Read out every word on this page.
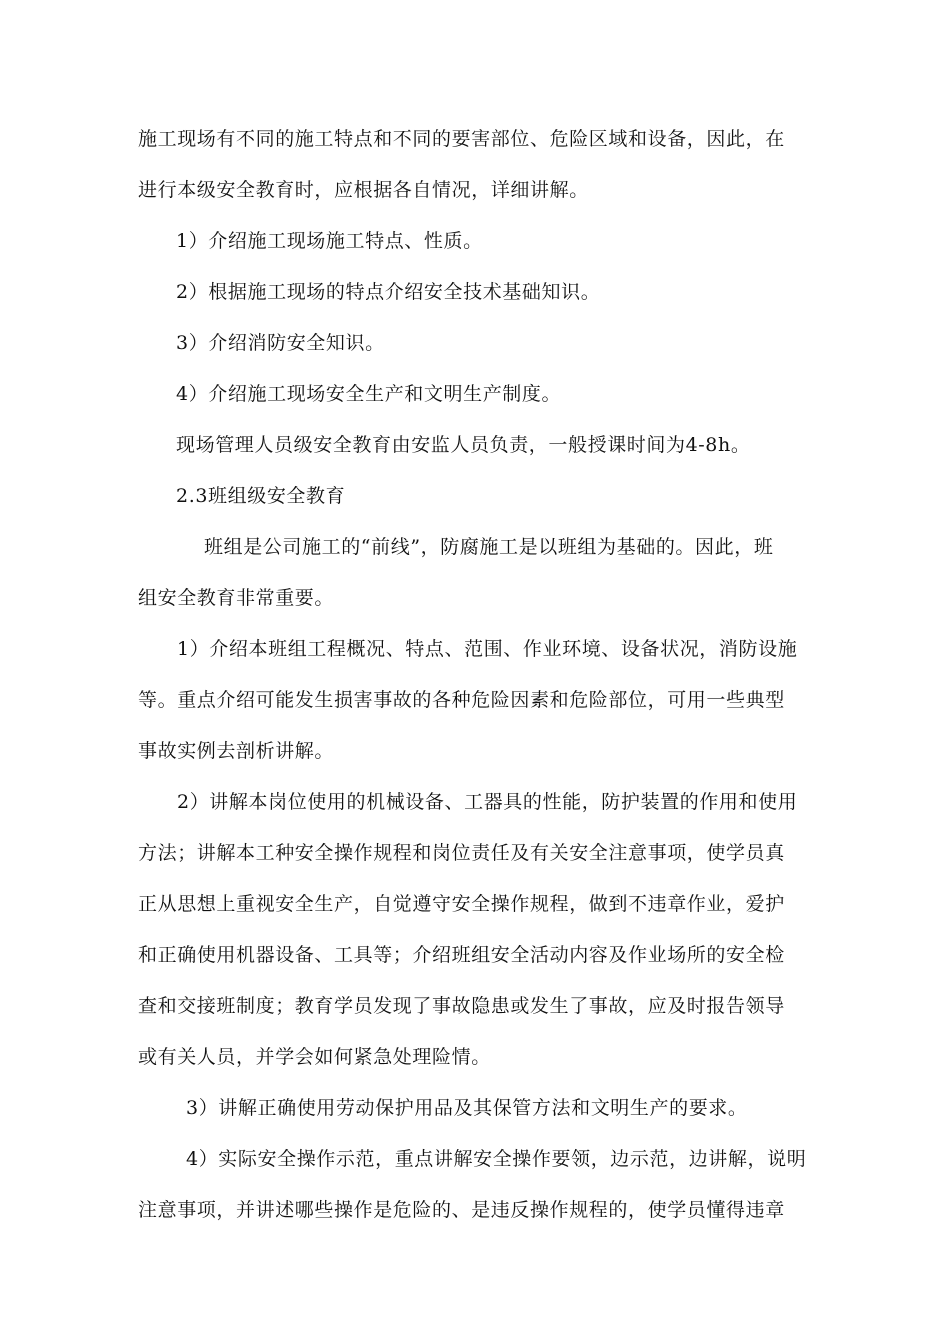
施工现场有不同的施工特点和不同的要害部位、危险区域和设备，因此，在
进行本级安全教育时，应根据各自情况，详细讲解。

1）介绍施工现场施工特点、性质。

2）根据施工现场的特点介绍安全技术基础知识。

3）介绍消防安全知识。

4）介绍施工现场安全生产和文明生产制度。

现场管理人员级安全教育由安监人员负责，一般授课时间为4-8h。

2.3班组级安全教育

班组是公司施工的“前线”，防腐施工是以班组为基础的。因此，班
组安全教育非常重要。

1）介绍本班组工程概况、特点、范围、作业环境、设备状况，消防设施
等。重点介绍可能发生损害事故的各种危险因素和危险部位，可用一些典型
事故实例去剖析讲解。

2）讲解本岗位使用的机械设备、工器具的性能，防护装置的作用和使用
方法；讲解本工种安全操作规程和岗位责任及有关安全注意事项，使学员真
正从思想上重视安全生产，自觉遵守安全操作规程，做到不违章作业，爱护
和正确使用机器设备、工具等；介绍班组安全活动内容及作业场所的安全检
查和交接班制度；教育学员发现了事故隐患或发生了事故，应及时报告领导
或有关人员，并学会如何紧急处理险情。

3）讲解正确使用劳动保护用品及其保管方法和文明生产的要求。

4）实际安全操作示范，重点讲解安全操作要领，边示范，边讲解，说明
注意事项，并讲述哪些操作是危险的、是违反操作规程的，使学员懂得违章
